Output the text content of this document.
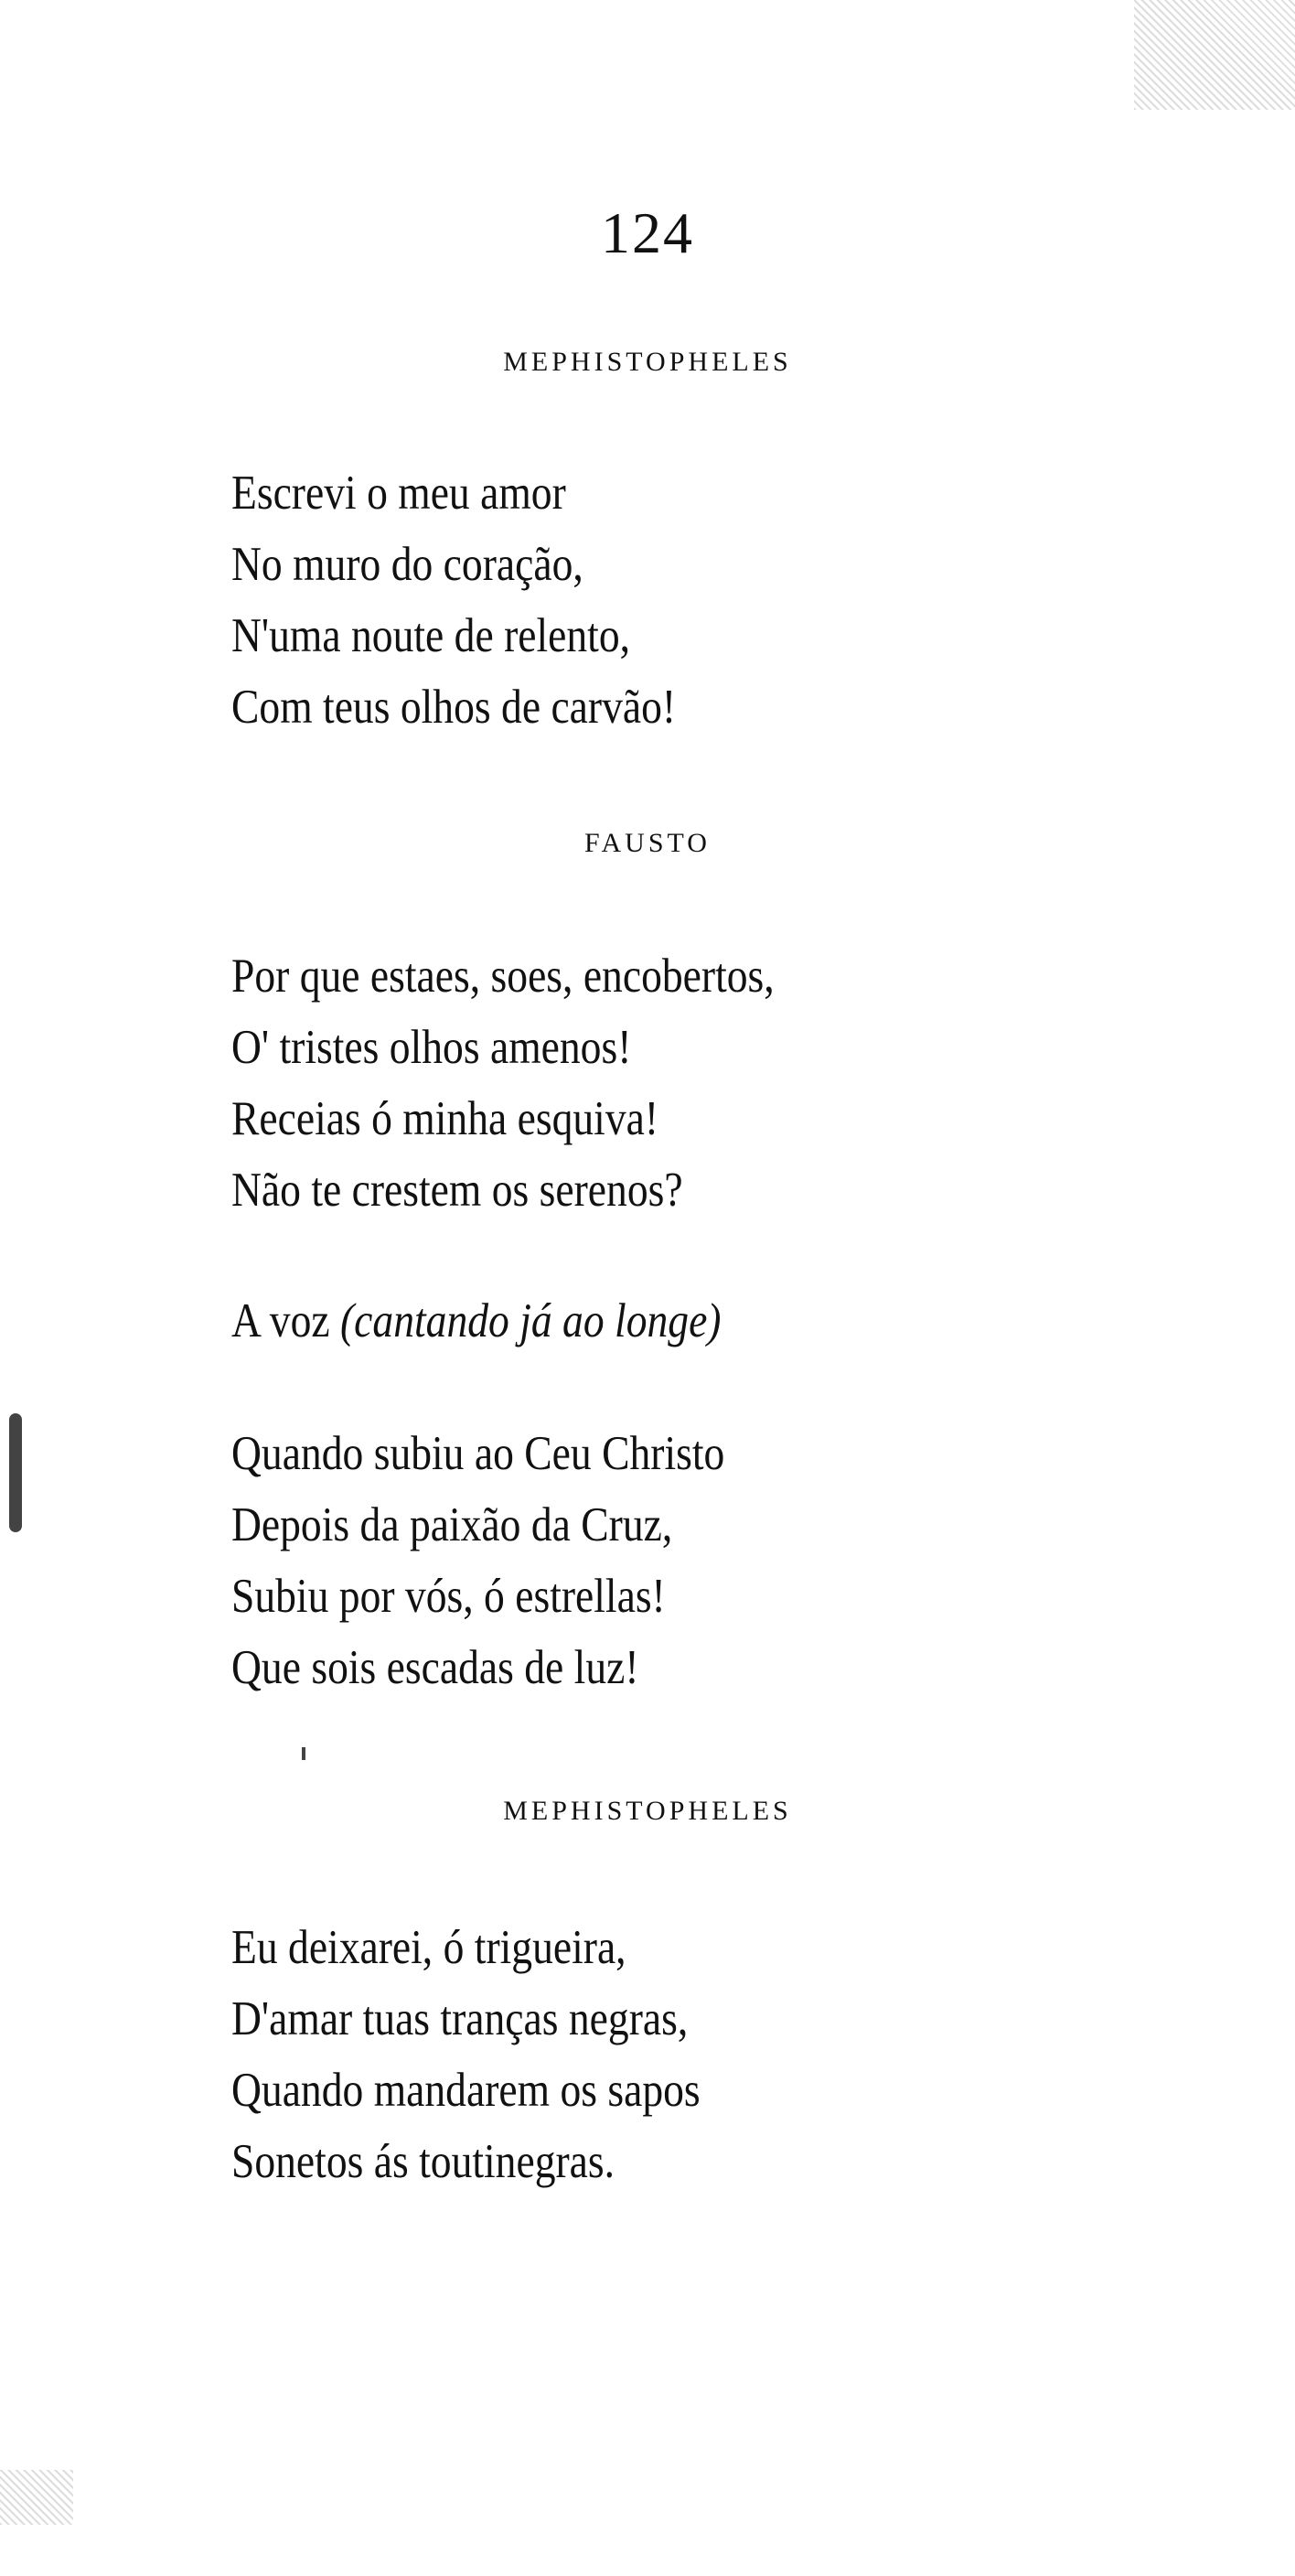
124
MEPHISTOPHELES
Escrevi o meu amor
No muro do coração,
N'uma noute de relento,
Com teus olhos de carvão!
FAUSTO
Por que estaes, soes, encobertos,
O' tristes olhos amenos!
Receias ó minha esquiva!
Não te crestem os serenos?
A voz (cantando já ao longe)
Quando subiu ao Ceu Christo
Depois da paixão da Cruz,
Subiu por vós, ó estrellas!
Que sois escadas de luz!
MEPHISTOPHELES
Eu deixarei, ó trigueira,
D'amar tuas tranças negras,
Quando mandarem os sapos
Sonetos ás toutinegras.
